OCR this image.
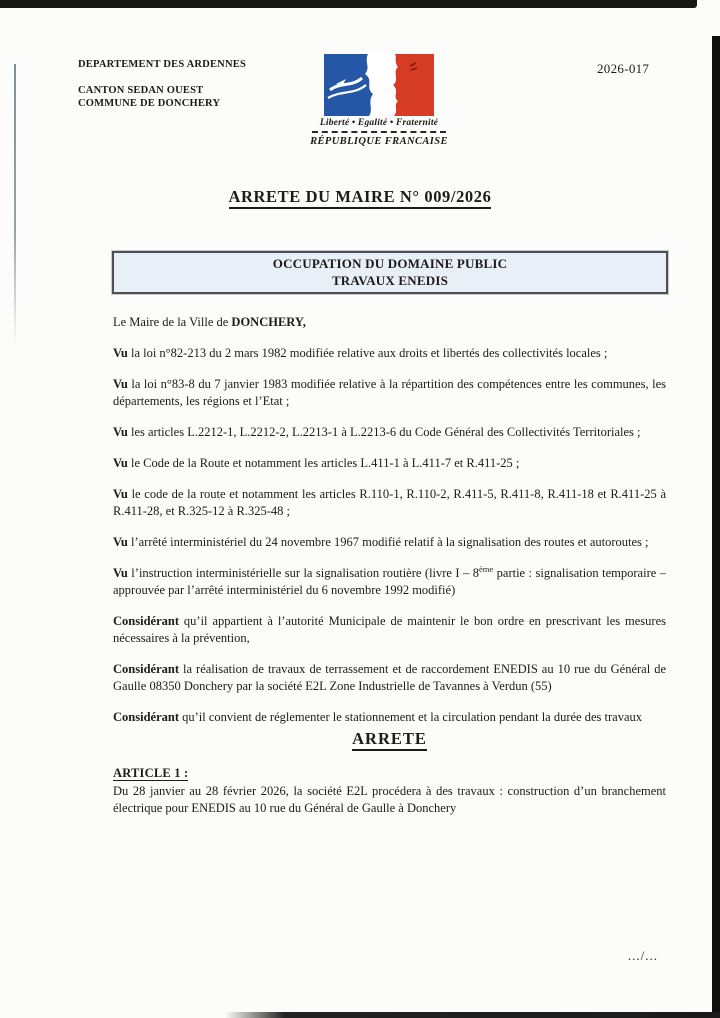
DEPARTEMENT DES ARDENNES
CANTON SEDAN OUEST
COMMUNE DE DONCHERY
2026-017
Liberté • Egalité • Fraternité
RÉPUBLIQUE FRANCAISE
ARRETE DU MAIRE N° 009/2026
OCCUPATION DU DOMAINE PUBLIC
TRAVAUX ENEDIS

Le Maire de la Ville de DONCHERY,

Vu la loi n°82-213 du 2 mars 1982 modifiée relative aux droits et libertés des collectivités locales ;

Vu la loi n°83-8 du 7 janvier 1983 modifiée relative à la répartition des compétences entre les communes, les départements, les régions et l’Etat ;

Vu les articles L.2212-1, L.2212-2, L.2213-1 à L.2213-6 du Code Général des Collectivités Territoriales ;

Vu le Code de la Route et notamment les articles L.411-1 à L.411-7 et R.411-25 ;

Vu le code de la route et notamment les articles R.110-1, R.110-2, R.411-5, R.411-8, R.411-18 et R.411-25 à R.411-28, et R.325-12 à R.325-48 ;

Vu l’arrêté interministériel du 24 novembre 1967 modifié relatif à la signalisation des routes et autoroutes ;

Vu l’instruction interministérielle sur la signalisation routière (livre I – 8ème partie : signalisation temporaire – approuvée par l’arrêté interministériel du 6 novembre 1992 modifié)

Considérant qu’il appartient à l’autorité Municipale de maintenir le bon ordre en prescrivant les mesures nécessaires à la prévention,

Considérant la réalisation de travaux de terrassement et de raccordement ENEDIS au 10 rue du Général de Gaulle 08350 Donchery par la société E2L Zone Industrielle de Tavannes à Verdun (55)

Considérant qu’il convient de réglementer le stationnement et la circulation pendant la durée des travaux

ARRETE

ARTICLE 1 :

Du 28 janvier au 28 février 2026, la société E2L procédera à des travaux : construction d’un branchement électrique pour ENEDIS au 10 rue du Général de Gaulle à Donchery

.../...
